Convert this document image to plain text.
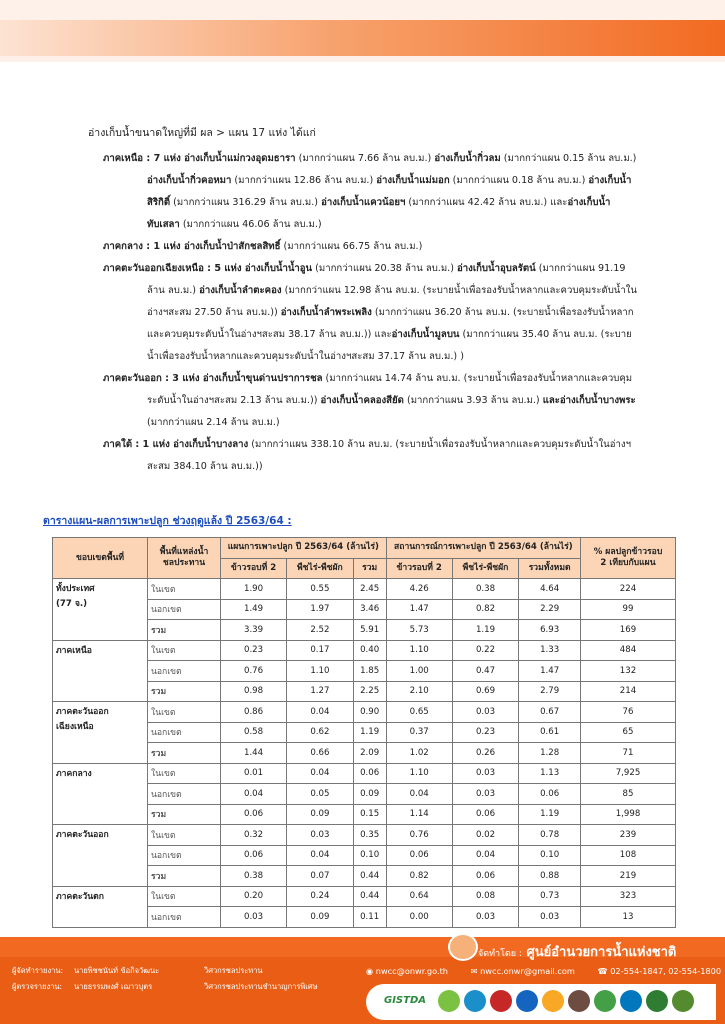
อ่างเก็บน้ำขนาดใหญ่ที่มี ผล > แผน 17 แห่ง ได้แก่
ภาคเหนือ : 7 แห่ง อ่างเก็บน้ำแม่กวงอุดมธารา (มากกว่าแผน 7.66 ล้าน ลบ.ม.) อ่างเก็บน้ำกิ่วลม (มากกว่าแผน 0.15 ล้าน ลบ.ม.)
อ่างเก็บน้ำกิ่วคอหมา (มากกว่าแผน 12.86 ล้าน ลบ.ม.) อ่างเก็บน้ำแม่มอก (มากกว่าแผน 0.18 ล้าน ลบ.ม.) อ่างเก็บน้ำ
สิริกิติ์ (มากกว่าแผน 316.29 ล้าน ลบ.ม.) อ่างเก็บน้ำแควน้อยฯ (มากกว่าแผน 42.42 ล้าน ลบ.ม.) และอ่างเก็บน้ำ
ทับเสลา (มากกว่าแผน 46.06 ล้าน ลบ.ม.)
ภาคกลาง : 1 แห่ง อ่างเก็บน้ำป่าสักชลสิทธิ์ (มากกว่าแผน 66.75 ล้าน ลบ.ม.)
ภาคตะวันออกเฉียงเหนือ : 5 แห่ง อ่างเก็บน้ำน้ำอูน (มากกว่าแผน 20.38 ล้าน ลบ.ม.) อ่างเก็บน้ำอุบลรัตน์ (มากกว่าแผน 91.19
ล้าน ลบ.ม.) อ่างเก็บน้ำลำตะคอง (มากกว่าแผน 12.98 ล้าน ลบ.ม. (ระบายน้ำเพื่อรองรับน้ำหลากและควบคุมระดับน้ำใน
อ่างฯสะสม 27.50 ล้าน ลบ.ม.)) อ่างเก็บน้ำลำพระเพลิง (มากกว่าแผน 36.20 ล้าน ลบ.ม. (ระบายน้ำเพื่อรองรับน้ำหลาก
และควบคุมระดับน้ำในอ่างฯสะสม 38.17 ล้าน ลบ.ม.)) และอ่างเก็บน้ำมูลบน (มากกว่าแผน 35.40 ล้าน ลบ.ม. (ระบาย
น้ำเพื่อรองรับน้ำหลากและควบคุมระดับน้ำในอ่างฯสะสม 37.17 ล้าน ลบ.ม.) )
ภาคตะวันออก : 3 แห่ง อ่างเก็บน้ำขุนด่านปราการชล (มากกว่าแผน 14.74 ล้าน ลบ.ม. (ระบายน้ำเพื่อรองรับน้ำหลากและควบคุม
ระดับน้ำในอ่างฯสะสม 2.13 ล้าน ลบ.ม.)) อ่างเก็บน้ำคลองสียัด (มากกว่าแผน 3.93 ล้าน ลบ.ม.) และอ่างเก็บน้ำบางพระ
(มากกว่าแผน 2.14 ล้าน ลบ.ม.)
ภาคใต้ : 1 แห่ง อ่างเก็บน้ำบางลาง (มากกว่าแผน 338.10 ล้าน ลบ.ม. (ระบายน้ำเพื่อรองรับน้ำหลากและควบคุมระดับน้ำในอ่างฯ
สะสม 384.10 ล้าน ลบ.ม.))
ตารางแผน-ผลการเพาะปลูก ช่วงฤดูแล้ง ปี 2563/64 :
ขอบเขตพื้นที่	พื้นที่แหล่งน้ำ
ชลประทาน	แผนการเพาะปลูก ปี 2563/64 (ล้านไร่)			สถานการณ์การเพาะปลูก ปี 2563/64 (ล้านไร่)			% ผลปลูกข้าวรอบ
2 เทียบกับแผน
		ข้าวรอบที่ 2	พืชไร่-พืชผัก	รวม	ข้าวรอบที่ 2	พืชไร่-พืชผัก	รวมทั้งหมด	

ทั้งประเทศ
(77 จ.)	ในเขต	1.90	0.55	2.45	4.26	0.38	4.64	224
	นอกเขต	1.49	1.97	3.46	1.47	0.82	2.29	99
	รวม	3.39	2.52	5.91	5.73	1.19	6.93	169

ภาคเหนือ	ในเขต	0.23	0.17	0.40	1.10	0.22	1.33	484
	นอกเขต	0.76	1.10	1.85	1.00	0.47	1.47	132
	รวม	0.98	1.27	2.25	2.10	0.69	2.79	214

ภาคตะวันออก
เฉียงเหนือ	ในเขต	0.86	0.04	0.90	0.65	0.03	0.67	76
	นอกเขต	0.58	0.62	1.19	0.37	0.23	0.61	65
	รวม	1.44	0.66	2.09	1.02	0.26	1.28	71

ภาคกลาง	ในเขต	0.01	0.04	0.06	1.10	0.03	1.13	7,925
	นอกเขต	0.04	0.05	0.09	0.04	0.03	0.06	85
	รวม	0.06	0.09	0.15	1.14	0.06	1.19	1,998

ภาคตะวันออก	ในเขต	0.32	0.03	0.35	0.76	0.02	0.78	239
	นอกเขต	0.06	0.04	0.10	0.06	0.04	0.10	108
	รวม	0.38	0.07	0.44	0.82	0.06	0.88	219

ภาคตะวันตก	ในเขต	0.20	0.24	0.44	0.64	0.08	0.73	323
	นอกเขต	0.03	0.09	0.11	0.00	0.03	0.03	13
จัดทำโดย : ศูนย์อำนวยการน้ำแห่งชาติ
ผู้จัดทำรายงาน: นายพิชชนันท์ ข้อกิจวัฒนะ	วิศวกรชลประทาน
ผู้ตรวจรายงาน: นายธรรมพงศ์ เฌาวบุตร	วิศวกรชลประทานชำนาญการพิเศษ
◉ nwcc@onwr.go.th	✉ nwcc.onwr@gmail.com	☎ 02-554-1847, 02-554-1800
GISTDA
